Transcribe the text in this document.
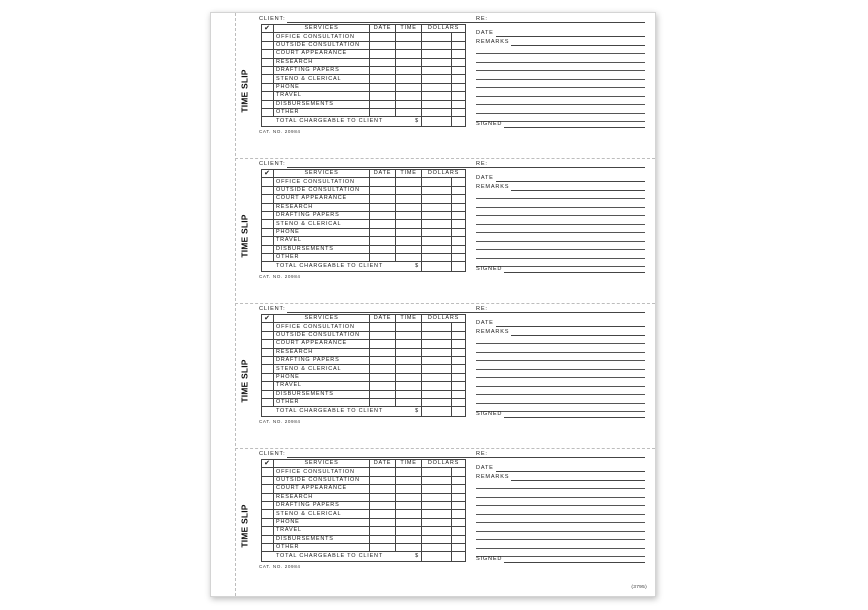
(3795)
TIME SLIP
CLIENT:
✔	SERVICES	DATE	TIME	DOLLARS	
	OFFICE CONSULTATION				
	OUTSIDE CONSULTATION				
	COURT APPEARANCE				
	RESEARCH				
	DRAFTING PAPERS				
	STENO & CLERICAL				
	PHONE				
	TRAVEL				
	DISBURSEMENTS				
	OTHER				
TOTAL CHARGEABLE TO CLIENT $					

CAT. NO. 20984
RE:
DATE
REMARKS
SIGNED
TIME SLIP
CLIENT:
✔	SERVICES	DATE	TIME	DOLLARS	
	OFFICE CONSULTATION				
	OUTSIDE CONSULTATION				
	COURT APPEARANCE				
	RESEARCH				
	DRAFTING PAPERS				
	STENO & CLERICAL				
	PHONE				
	TRAVEL				
	DISBURSEMENTS				
	OTHER				
TOTAL CHARGEABLE TO CLIENT $					

CAT. NO. 20984
RE:
DATE
REMARKS
SIGNED
TIME SLIP
CLIENT:
✔	SERVICES	DATE	TIME	DOLLARS	
	OFFICE CONSULTATION				
	OUTSIDE CONSULTATION				
	COURT APPEARANCE				
	RESEARCH				
	DRAFTING PAPERS				
	STENO & CLERICAL				
	PHONE				
	TRAVEL				
	DISBURSEMENTS				
	OTHER				
TOTAL CHARGEABLE TO CLIENT $					

CAT. NO. 20984
RE:
DATE
REMARKS
SIGNED
TIME SLIP
CLIENT:
✔	SERVICES	DATE	TIME	DOLLARS	
	OFFICE CONSULTATION				
	OUTSIDE CONSULTATION				
	COURT APPEARANCE				
	RESEARCH				
	DRAFTING PAPERS				
	STENO & CLERICAL				
	PHONE				
	TRAVEL				
	DISBURSEMENTS				
	OTHER				
TOTAL CHARGEABLE TO CLIENT $					

CAT. NO. 20984
RE:
DATE
REMARKS
SIGNED
